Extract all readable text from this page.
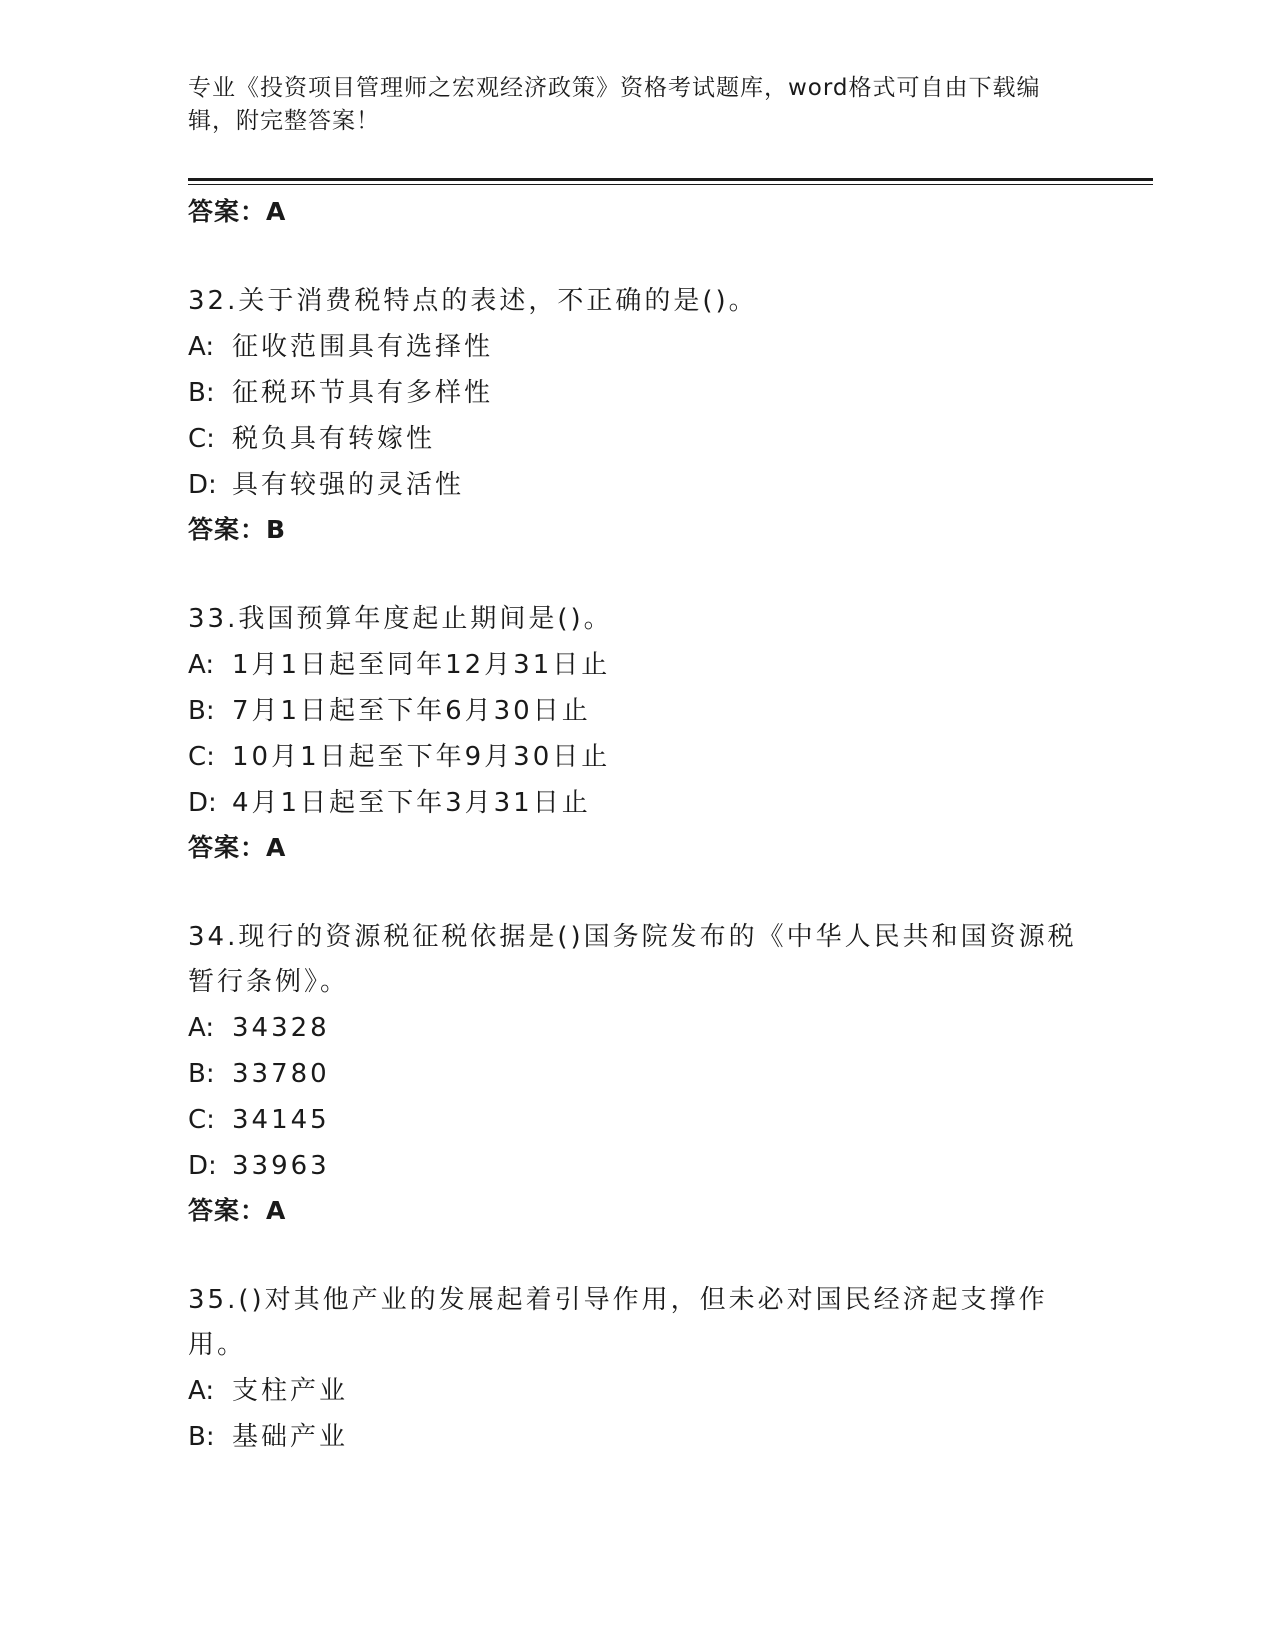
专业《投资项目管理师之宏观经济政策》资格考试题库，word格式可自由下载编辑，附完整答案！
答案：A
32.关于消费税特点的表述，不正确的是()。
A: 征收范围具有选择性
B: 征税环节具有多样性
C: 税负具有转嫁性
D: 具有较强的灵活性
答案：B
33.我国预算年度起止期间是()。
A: 1月1日起至同年12月31日止
B: 7月1日起至下年6月30日止
C: 10月1日起至下年9月30日止
D: 4月1日起至下年3月31日止
答案：A
34.现行的资源税征税依据是()国务院发布的《中华人民共和国资源税暂行条例》。
A: 34328
B: 33780
C: 34145
D: 33963
答案：A
35.()对其他产业的发展起着引导作用，但未必对国民经济起支撑作用。
A: 支柱产业
B: 基础产业
